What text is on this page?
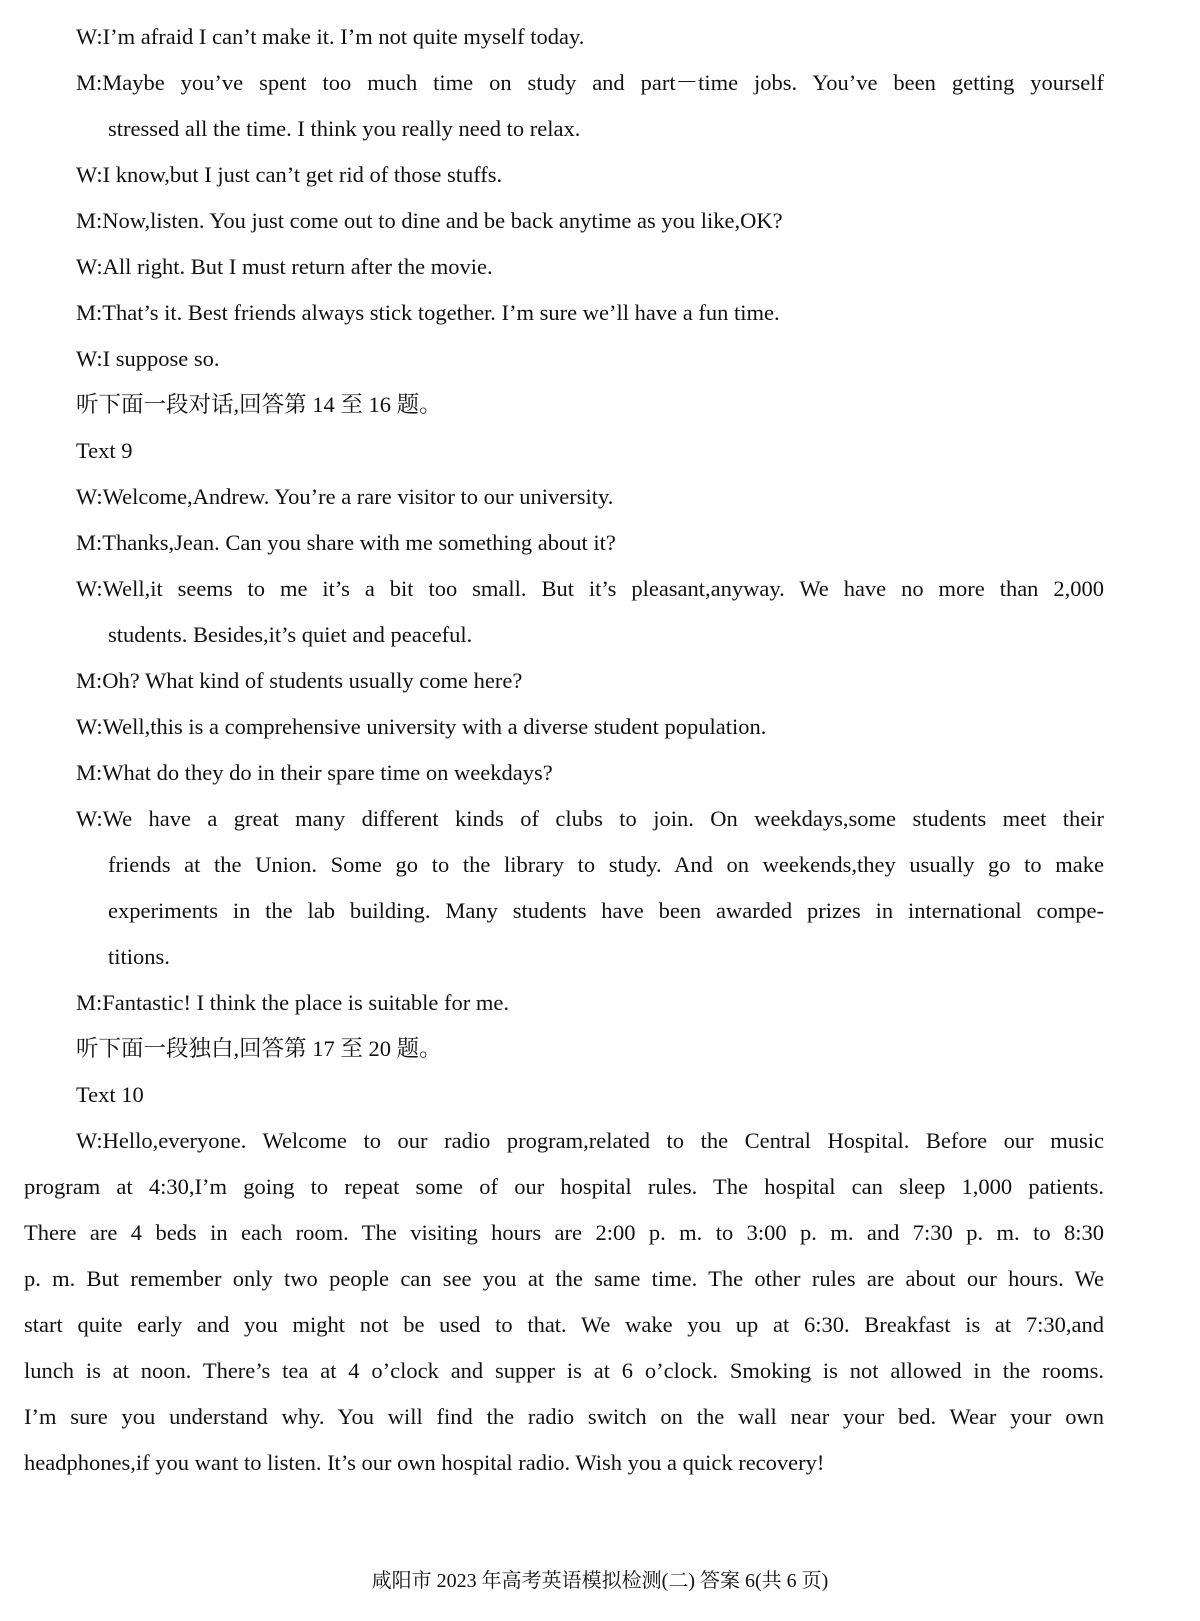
W:I’m afraid I can’t make it. I’m not quite myself today.

M:Maybe you’ve spent too much time on study and part－time jobs. You’ve been getting yourself

stressed all the time. I think you really need to relax.

W:I know,but I just can’t get rid of those stuffs.

M:Now,listen. You just come out to dine and be back anytime as you like,OK?

W:All right. But I must return after the movie.

M:That’s it. Best friends always stick together. I’m sure we’ll have a fun time.

W:I suppose so.

听下面一段对话,回答第 14 至 16 题。

Text 9

W:Welcome,Andrew. You’re a rare visitor to our university.

M:Thanks,Jean. Can you share with me something about it?

W:Well,it seems to me it’s a bit too small. But it’s pleasant,anyway. We have no more than 2,000

students. Besides,it’s quiet and peaceful.

M:Oh? What kind of students usually come here?

W:Well,this is a comprehensive university with a diverse student population.

M:What do they do in their spare time on weekdays?

W:We have a great many different kinds of clubs to join. On weekdays,some students meet their

friends at the Union. Some go to the library to study. And on weekends,they usually go to make

experiments in the lab building. Many students have been awarded prizes in international compe-

titions.

M:Fantastic! I think the place is suitable for me.

听下面一段独白,回答第 17 至 20 题。

Text 10

W:Hello,everyone. Welcome to our radio program,related to the Central Hospital. Before our music

program at 4:30,I’m going to repeat some of our hospital rules. The hospital can sleep 1,000 patients.

There are 4 beds in each room. The visiting hours are 2:00 p. m. to 3:00 p. m. and 7:30 p. m. to 8:30

p. m. But remember only two people can see you at the same time. The other rules are about our hours. We

start quite early and you might not be used to that. We wake you up at 6:30. Breakfast is at 7:30,and

lunch is at noon. There’s tea at 4 o’clock and supper is at 6 o’clock. Smoking is not allowed in the rooms.

I’m sure you understand why. You will find the radio switch on the wall near your bed. Wear your own

headphones,if you want to listen. It’s our own hospital radio. Wish you a quick recovery!

咸阳市 2023 年高考英语模拟检测(二) 答案 6(共 6 页)
